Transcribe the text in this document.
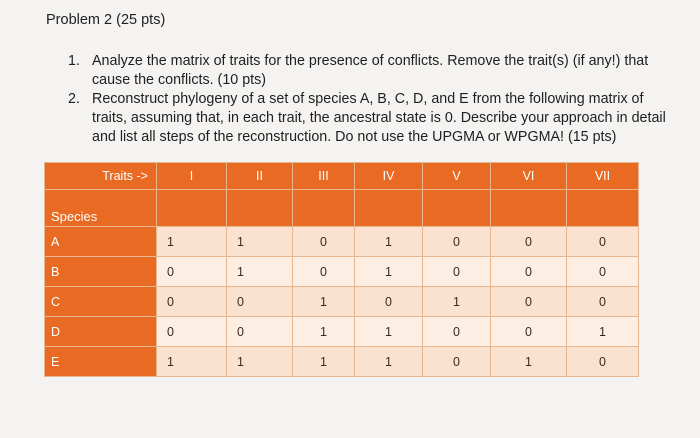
Problem 2 (25 pts)
1. Analyze the matrix of traits for the presence of conflicts. Remove the trait(s) (if any!) that cause the conflicts. (10 pts)
2. Reconstruct phylogeny of a set of species A, B, C, D, and E from the following matrix of traits, assuming that, in each trait, the ancestral state is 0. Describe your approach in detail and list all steps of the reconstruction. Do not use the UPGMA or WPGMA! (15 pts)
Traits ->	I	II	III	IV	V	VI	VII
Species							
A	1	1	0	1	0	0	0
B	0	1	0	1	0	0	0
C	0	0	1	0	1	0	0
D	0	0	1	1	0	0	1
E	1	1	1	1	0	1	0
